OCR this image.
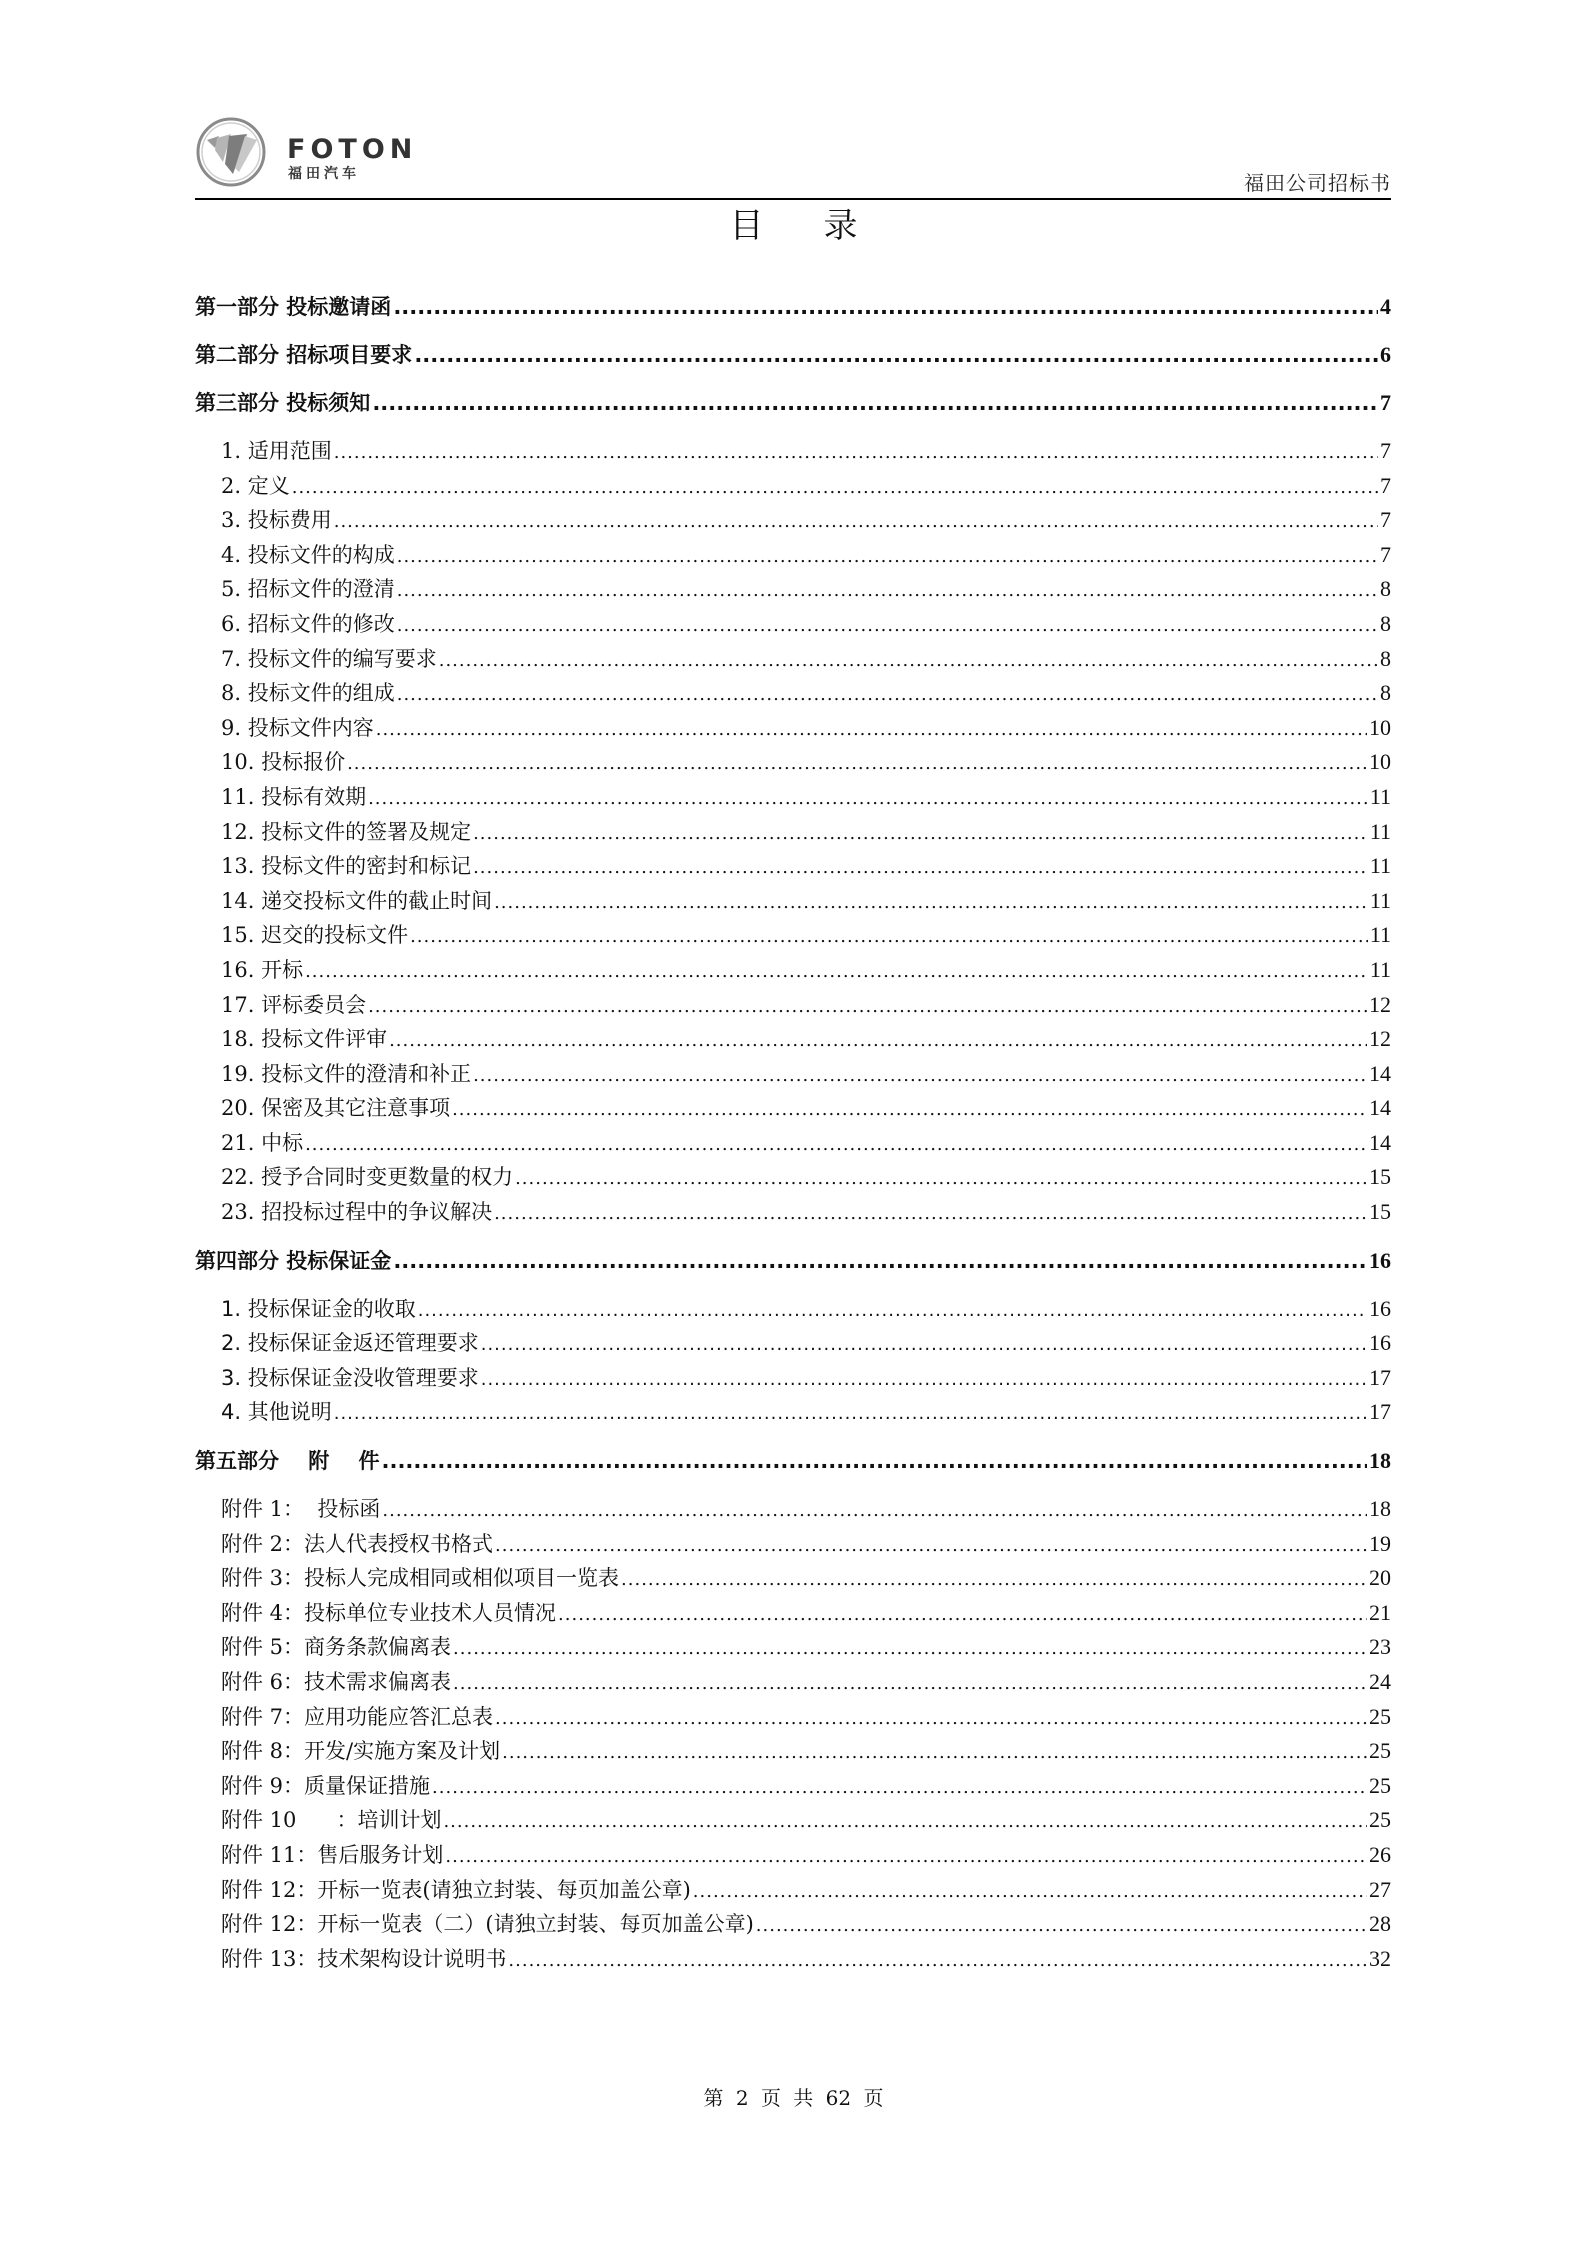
FOTON
福田汽车	福田公司招标书
目录
第一部分 投标邀请函 .....	4
第二部分 招标项目要求 .....	6
第三部分 投标须知 .....	7
1. 适用范围 .....	7
2. 定义 .....	7
3. 投标费用 .....	7
4. 投标文件的构成 .....	7
5. 招标文件的澄清 .....	8
6. 招标文件的修改 .....	8
7. 投标文件的编写要求 .....	8
8. 投标文件的组成 .....	8
9. 投标文件内容 .....	10
10. 投标报价 .....	10
11. 投标有效期 .....	11
12. 投标文件的签署及规定 .....	11
13. 投标文件的密封和标记 .....	11
14. 递交投标文件的截止时间 .....	11
15. 迟交的投标文件 .....	11
16. 开标 .....	11
17. 评标委员会 .....	12
18. 投标文件评审 .....	12
19. 投标文件的澄清和补正 .....	14
20. 保密及其它注意事项 .....	14
21. 中标 .....	14
22. 授予合同时变更数量的权力 .....	15
23. 招投标过程中的争议解决 .....	15
第四部分 投标保证金 .....	16
1. 投标保证金的收取 .....	16
2. 投标保证金返还管理要求 .....	16
3. 投标保证金没收管理要求 .....	17
4. 其他说明 .....	17
第五部分    附    件 .....	18
附件 1：  投标函 .....	18
附件 2：法人代表授权书格式 .....	19
附件 3：投标人完成相同或相似项目一览表 .....	20
附件 4：投标单位专业技术人员情况 .....	21
附件 5：商务条款偏离表 .....	23
附件 6：技术需求偏离表 .....	24
附件 7：应用功能应答汇总表 .....	25
附件 8：开发/实施方案及计划 .....	25
附件 9：质量保证措施 .....	25
附件 10      ：培训计划 .....	25
附件 11：售后服务计划 .....	26
附件 12：开标一览表(请独立封装、每页加盖公章) .....	27
附件 12：开标一览表（二）(请独立封装、每页加盖公章) .....	28
附件 13：技术架构设计说明书 .....	32
第 2 页 共 62 页
